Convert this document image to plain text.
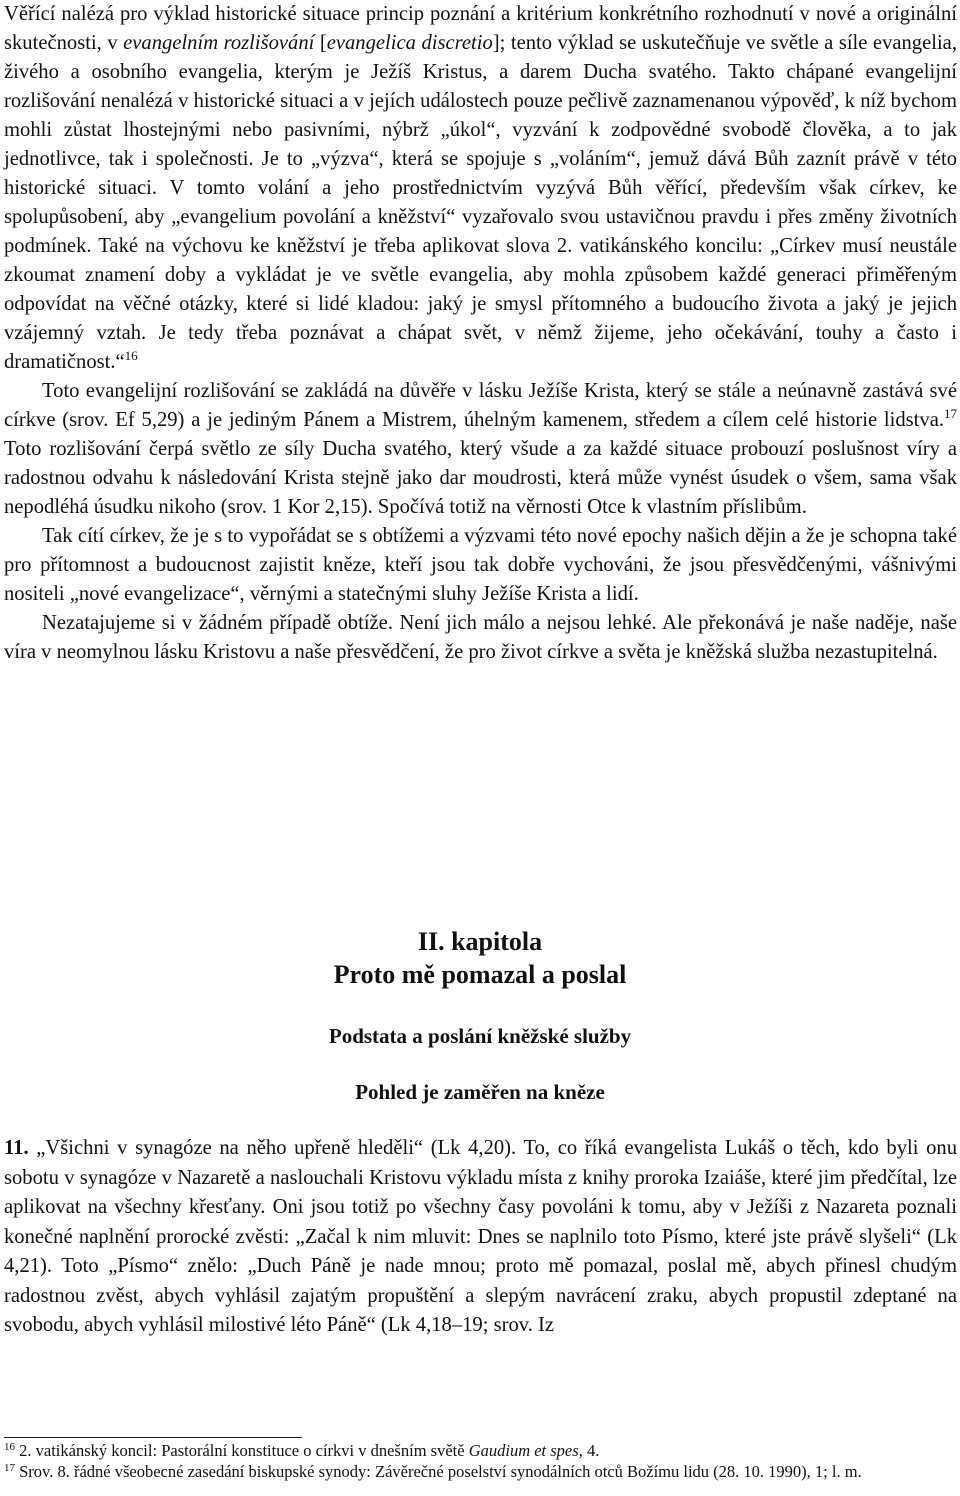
Věřící nalézá pro výklad historické situace princip poznání a kritérium konkrétního rozhodnutí v nové a originální skutečnosti, v evangelním rozlišování [evangelica discretio]; tento výklad se uskutečňuje ve světle a síle evangelia, živého a osobního evangelia, kterým je Ježíš Kristus, a darem Ducha svatého. Takto chápané evangelijní rozlišování nenalézá v historické situaci a v jejích událostech pouze pečlivě zaznamenanou výpověď, k níž bychom mohli zůstat lhostejnými nebo pasivními, nýbrž „úkol“, vyzvání k zodpovědné svobodě člověka, a to jak jednotlivce, tak i společnosti. Je to „výzva“, která se spojuje s „voláním“, jemuž dává Bůh zaznít právě v této historické situaci. V tomto volání a jeho prostřednictvím vyzývá Bůh věřící, především však církev, ke spolupůsobení, aby „evangelium povolání a kněžství“ vyzařovalo svou ustavičnou pravdu i přes změny životních podmínek. Také na výchovu ke kněžství je třeba aplikovat slova 2. vatikánského koncilu: „Církev musí neustále zkoumat znamení doby a vykládat je ve světle evangelia, aby mohla způsobem každé generaci přiměřeným odpovídat na věčné otázky, které si lidé kladou: jaký je smysl přítomného a budoucího života a jaký je jejich vzájemný vztah. Je tedy třeba poznávat a chápat svět, v němž žijeme, jeho očekávání, touhy a často i dramatičnost.“$^{16}$

Toto evangelijní rozlišování se zakládá na důvěře v lásku Ježíše Krista, který se stále a neúnavně zastává své církve (srov. Ef 5,29) a je jediným Pánem a Mistrem, úhelným kamenem, středem a cílem celé historie lidstva.$^{17}$ Toto rozlišování čerpá světlo ze síly Ducha svatého, který všude a za každé situace probouzí poslušnost víry a radostnou odvahu k následování Krista stejně jako dar moudrosti, která může vynést úsudek o všem, sama však nepodléhá úsudku nikoho (srov. 1 Kor 2,15). Spočívá totiž na věrnosti Otce k vlastním příslibům.

Tak cítí církev, že je s to vypořádat se s obtížemi a výzvami této nové epochy našich dějin a že je schopna také pro přítomnost a budoucnost zajistit kněze, kteří jsou tak dobře vychováni, že jsou přesvědčenými, vášnivými nositeli „nové evangelizace“, věrnými a statečnými sluhy Ježíše Krista a lidí.

Nezatajujeme si v žádném případě obtíže. Není jich málo a nejsou lehké. Ale překonává je naše naděje, naše víra v neomylnou lásku Kristovu a naše přesvědčení, že pro život církve a světa je kněžská služba nezastupitelná.

II. kapitola
Proto mě pomazal a poslal
Podstata a poslání kněžské služby
Pohled je zaměřen na kněze

11. „Všichni v synagóze na něho upřeně hleděli“ (Lk 4,20). To, co říká evangelista Lukáš o těch, kdo byli onu sobotu v synagóze v Nazaretě a naslouchali Kristovu výkladu místa z knihy proroka Izaiáše, které jim předčítal, lze aplikovat na všechny křesťany. Oni jsou totiž po všechny časy povoláni k tomu, aby v Ježíši z Nazareta poznali konečné naplnění prorocké zvěsti: „Začal k nim mluvit: Dnes se naplnilo toto Písmo, které jste právě slyšeli“ (Lk 4,21). Toto „Písmo“ znělo: „Duch Páně je nade mnou; proto mě pomazal, poslal mě, abych přinesl chudým radostnou zvěst, abych vyhlásil zajatým propuštění a slepým navrácení zraku, abych propustil zdeptané na svobodu, abych vyhlásil milostivé léto Páně“ (Lk 4,18–19; srov. Iz

$^{16}$ 2. vatikánský koncil: Pastorální konstituce o církvi v dnešním světě Gaudium et spes, 4.

$^{17}$ Srov. 8. řádné všeobecné zasedání biskupské synody: Závěrečné poselství synodálních otců Božímu lidu (28. 10. 1990), 1; l. m.
